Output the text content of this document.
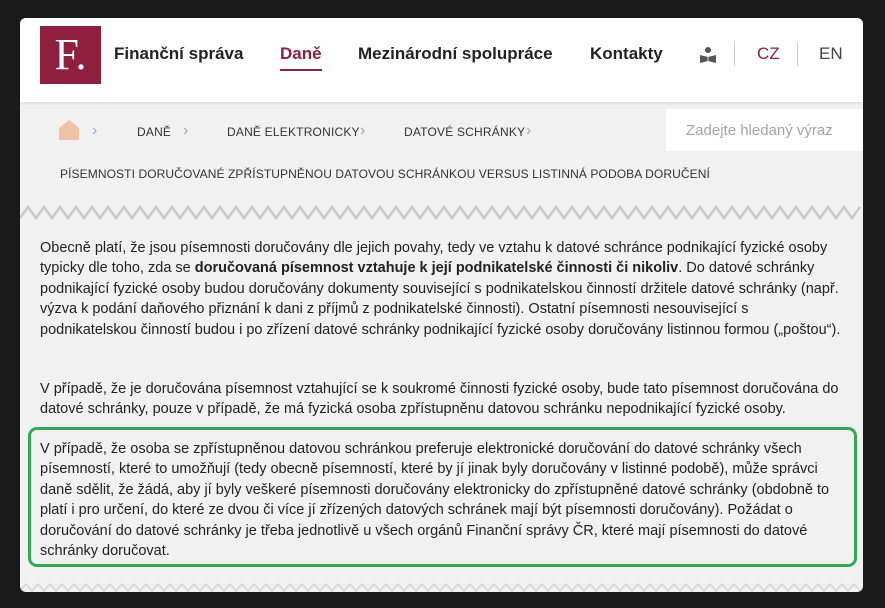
F.	Finanční správa Daně Mezinárodní spolupráce Kontakty	CZ EN
›	DANĚ ›	DANĚ ELEKTRONICKY ›	DATOVÉ SCHRÁNKY ›
Zadejte hledaný výraz
PÍSEMNOSTI DORUČOVANÉ ZPŘÍSTUPNĚNOU DATOVOU SCHRÁNKOU VERSUS LISTINNÁ PODOBA DORUČENÍ

Obecně platí, že jsou písemnosti doručovány dle jejich povahy, tedy ve vztahu k datové schránce podnikající fyzické osoby typicky dle toho, zda se doručovaná písemnost vztahuje k její podnikatelské činnosti či nikoliv. Do datové schránky podnikající fyzické osoby budou doručovány dokumenty související s podnikatelskou činností držitele datové schránky (např. výzva k podání daňového přiznání k dani z příjmů z podnikatelské činnosti). Ostatní písemnosti nesouvisející s podnikatelskou činností budou i po zřízení datové schránky podnikající fyzické osoby doručovány listinnou formou („poštou“).

V případě, že je doručována písemnost vztahující se k soukromé činnosti fyzické osoby, bude tato písemnost doručována do datové schránky, pouze v případě, že má fyzická osoba zpřístupněnu datovou schránku nepodnikající fyzické osoby.

V případě, že osoba se zpřístupněnou datovou schránkou preferuje elektronické doručování do datové schránky všech písemností, které to umožňují (tedy obecně písemností, které by jí jinak byly doručovány v listinné podobě), může správci daně sdělit, že žádá, aby jí byly veškeré písemnosti doručovány elektronicky do zpřístupněné datové schránky (obdobně to platí i pro určení, do které ze dvou či více jí zřízených datových schránek mají být písemnosti doručovány). Požádat o doručování do datové schránky je třeba jednotlivě u všech orgánů Finanční správy ČR, které mají písemnosti do datové schránky doručovat.
